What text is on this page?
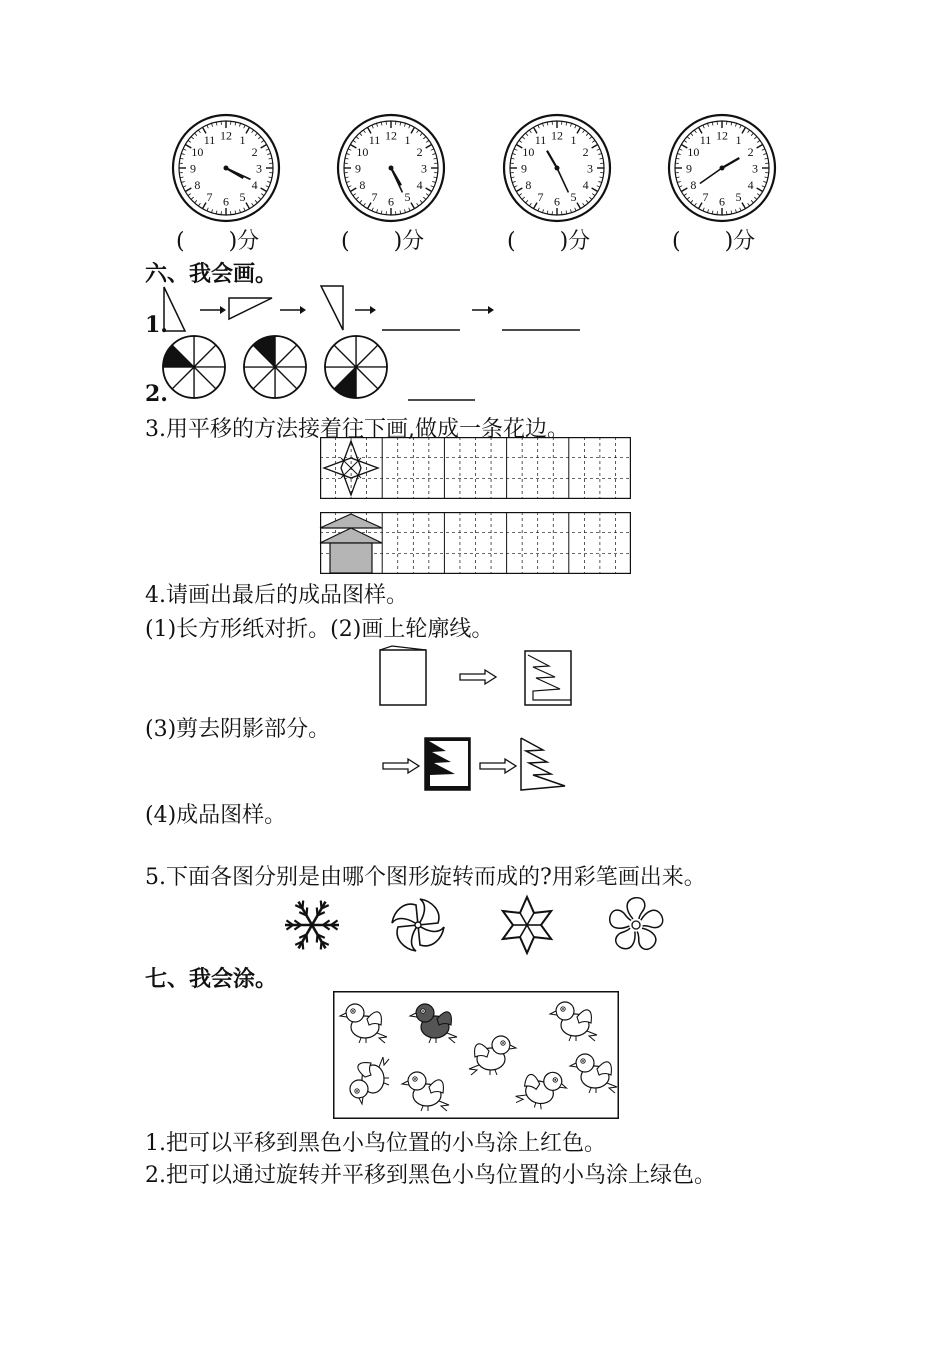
12 1
2
3
4
5
6
7
8
9
10
11
(　　)分
12 1
2
3
4
5
6
7
8
9
10
11
(　　)分
12 1
2
3
4
5
6
7
8
9
10
11
(　　)分
12 1
2
3
4
5
6
7
8
9
10
11
(　　)分
六、我会画。
1.
2.
3.用平移的方法接着往下画,做成一条花边。
4.请画出最后的成品图样。
(1)长方形纸对折。(2)画上轮廓线。
(3)剪去阴影部分。
(4)成品图样。
5.下面各图分别是由哪个图形旋转而成的?用彩笔画出来。
七、我会涂。
1.把可以平移到黑色小鸟位置的小鸟涂上红色。
2.把可以通过旋转并平移到黑色小鸟位置的小鸟涂上绿色。
